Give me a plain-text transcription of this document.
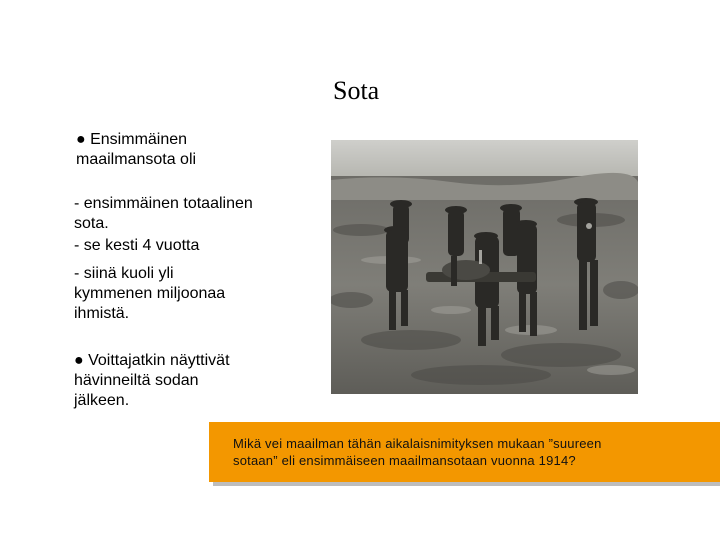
Sota
● Ensimmäinen
maailmansota oli
- ensimmäinen totaalinen
sota.
- se kesti 4 vuotta
- siinä kuoli yli
kymmenen miljoonaa
ihmistä.
● Voittajatkin näyttivät
hävinneiltä sodan
jälkeen.
Mikä vei maailman tähän aikalaisnimityksen mukaan ”suureen
sotaan” eli ensimmäiseen maailmansotaan vuonna 1914?
